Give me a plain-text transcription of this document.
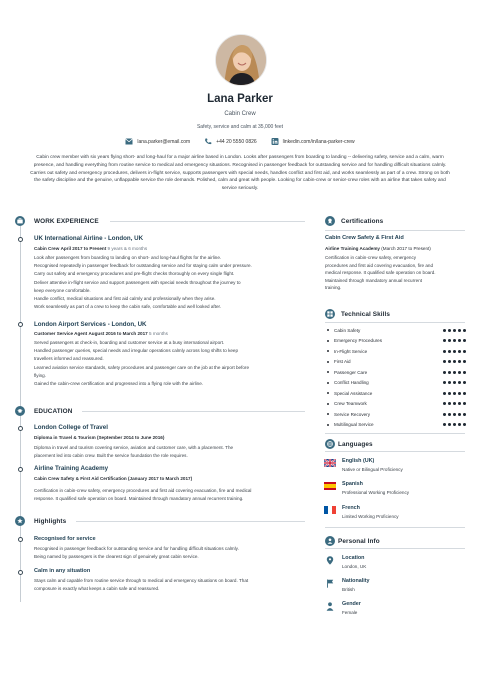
Lana Parker
Cabin Crew
Safety, service and calm at 35,000 feet
lana.parker@email.com	+44 20 5550 0826	linkedin.com/in/lana-parker-crew
Cabin crew member with six years flying short- and long-haul for a major airline based in London. Looks after passengers from boarding to landing -- delivering safety, service and a calm, warm presence, and handling everything from routine service to medical and emergency situations. Recognised in passenger feedback for outstanding service and for handling difficult situations calmly. Carries out safety and emergency procedures, delivers in-flight service, supports passengers with special needs, handles conflict and first aid, and works seamlessly as part of a crew. Strong on both the safety discipline and the genuine, unflappable service the role demands. Polished, calm and great with people. Looking for cabin-crew or senior-crew roles with an airline that takes safety and service seriously.
WORK EXPERIENCE
UK International Airline - London, UK
Cabin Crew April 2017 to Present 9 years & 6 months
Look after passengers from boarding to landing on short- and long-haul flights for the airline.
Recognised repeatedly in passenger feedback for outstanding service and for staying calm under pressure.
Carry out safety and emergency procedures and pre-flight checks thoroughly on every single flight.
Deliver attentive in-flight service and support passengers with special needs throughout the journey to
keep everyone comfortable.
Handle conflict, medical situations and first aid calmly and professionally when they arise.
Work seamlessly as part of a crew to keep the cabin safe, comfortable and well looked after.
London Airport Services - London, UK
Customer Service Agent August 2016 to March 2017 5 months
Served passengers at check-in, boarding and customer service at a busy international airport.
Handled passenger queries, special needs and irregular operations calmly across long shifts to keep
travellers informed and reassured.
Learned aviation service standards, safety procedures and passenger care on the job at the airport before
flying.
Gained the cabin-crew certification and progressed into a flying role with the airline.
EDUCATION
London College of Travel
Diploma in Travel & Tourism (September 2014 to June 2016)
Diploma in travel and tourism covering service, aviation and customer care, with a placement. The
placement led into cabin crew. Built the service foundation the role requires.
Airline Training Academy
Cabin Crew Safety & First Aid Certification (January 2017 to March 2017)
Certification in cabin-crew safety, emergency procedures and first aid covering evacuation, fire and medical
response. It qualified safe operation on board. Maintained through mandatory annual recurrent training.
Highlights
Recognised for service
Recognised in passenger feedback for outstanding service and for handling difficult situations calmly.
Being named by passengers is the clearest sign of genuinely great cabin service.
Calm in any situation
Stays calm and capable from routine service through to medical and emergency situations on board. That
composure is exactly what keeps a cabin safe and reassured.
Certifications
Cabin Crew Safety & First Aid
Airline Training Academy (March 2017 to Present)
Certification in cabin-crew safety, emergency
procedures and first aid covering evacuation, fire and
medical response. It qualified safe operation on board.
Maintained through mandatory annual recurrent
training.
Technical Skills
Cabin Safety
Emergency Procedures
In-Flight Service
First Aid
Passenger Care
Conflict Handling
Special Assistance
Crew Teamwork
Service Recovery
Multilingual Service
Languages
English (UK)
Native or Bilingual Proficiency
Spanish
Professional Working Proficiency
French
Limited Working Proficiency
Personal Info
Location
London, UK
Nationality
British
Gender
Female
